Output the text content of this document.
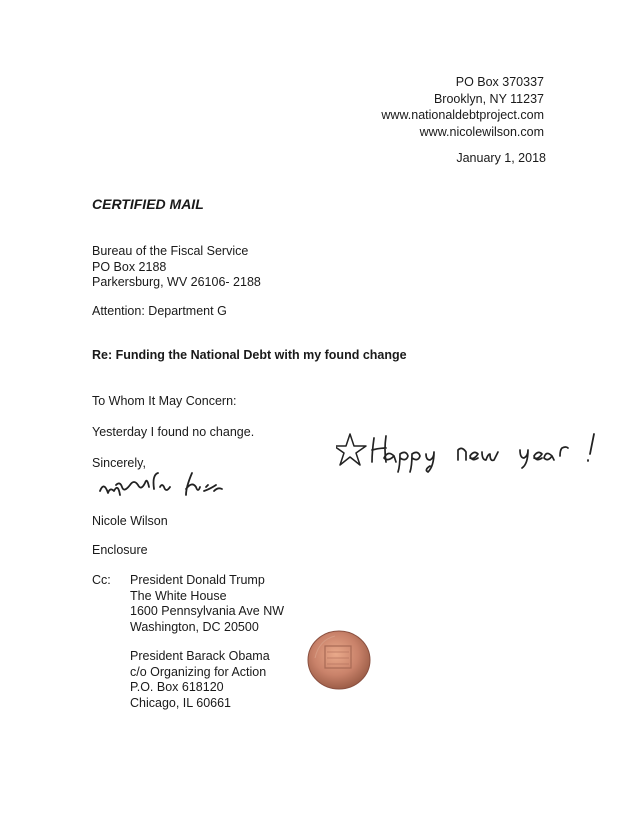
PO Box 370337
Brooklyn, NY 11237
www.nationaldebtproject.com
www.nicolewilson.com
January 1, 2018
CERTIFIED MAIL
Bureau of the Fiscal Service
PO Box 2188
Parkersburg, WV 26106- 2188
Attention: Department G
Re: Funding the National Debt with my found change
To Whom It May Concern:
Yesterday I found no change.
Sincerely,
Nicole Wilson
Enclosure
Cc: President Donald Trump
The White House
1600 Pennsylvania Ave NW
Washington, DC 20500
President Barack Obama
c/o Organizing for Action
P.O. Box 618120
Chicago, IL 60661
